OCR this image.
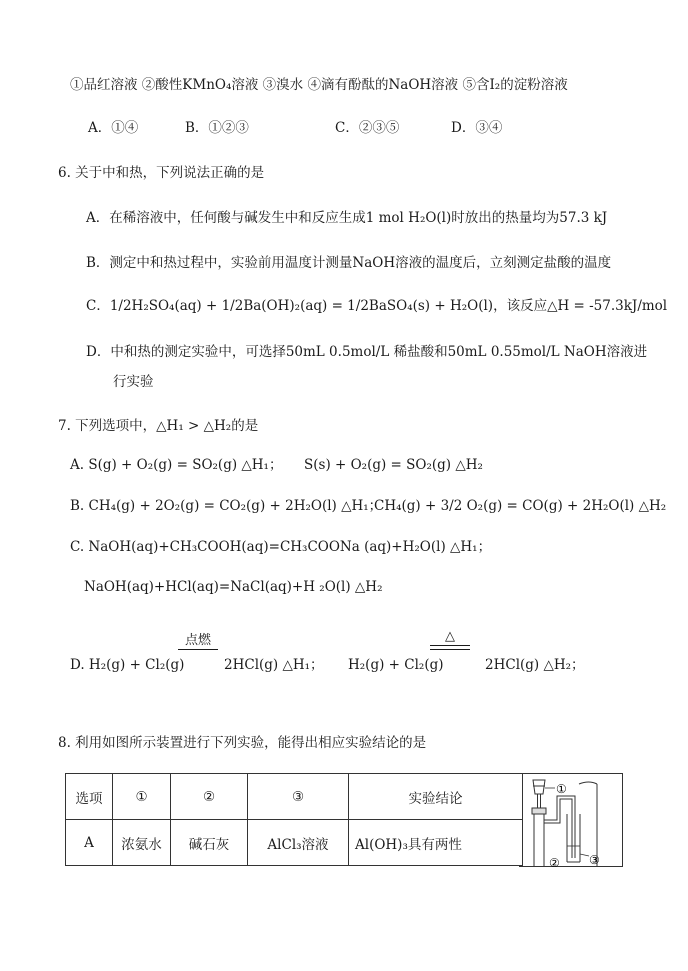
①品红溶液 ②酸性KMnO₄溶液 ③溴水 ④滴有酚酞的NaOH溶液 ⑤含I₂的淀粉溶液
A．①④	B．①②③	C．②③⑤	D．③④
6. 关于中和热，下列说法正确的是
A．在稀溶液中，任何酸与碱发生中和反应生成1 mol H₂O(l)时放出的热量均为57.3 kJ
B．测定中和热过程中，实验前用温度计测量NaOH溶液的温度后，立刻测定盐酸的温度
C．1/2H₂SO₄(aq) + 1/2Ba(OH)₂(aq) = 1/2BaSO₄(s) + H₂O(l)，该反应△H = -57.3kJ/mol
D．中和热的测定实验中，可选择50mL 0.5mol/L 稀盐酸和50mL 0.55mol/L NaOH溶液进
行实验
7. 下列选项中，△H₁ > △H₂的是
A. S(g) + O₂(g) = SO₂(g) △H₁； S(s) + O₂(g) = SO₂(g) △H₂
B. CH₄(g) + 2O₂(g) = CO₂(g) + 2H₂O(l) △H₁；
CH₄(g) + 3/2 O₂(g) = CO(g) + 2H₂O(l) △H₂
C. NaOH(aq)+CH₃COOH(aq)=CH₃COONa (aq)+H₂O(l) △H₁；
NaOH(aq)+HCl(aq)=NaCl(aq)+H ₂O(l) △H₂
点燃	△
D. H₂(g) + Cl₂(g)	2HCl(g) △H₁； H₂(g) + Cl₂(g)	2HCl(g) △H₂；
8. 利用如图所示装置进行下列实验，能得出相应实验结论的是
选项	①	②	③	实验结论
A	浓氨水	碱石灰	AlCl₃溶液	Al(OH)₃具有两性
①
② ③
